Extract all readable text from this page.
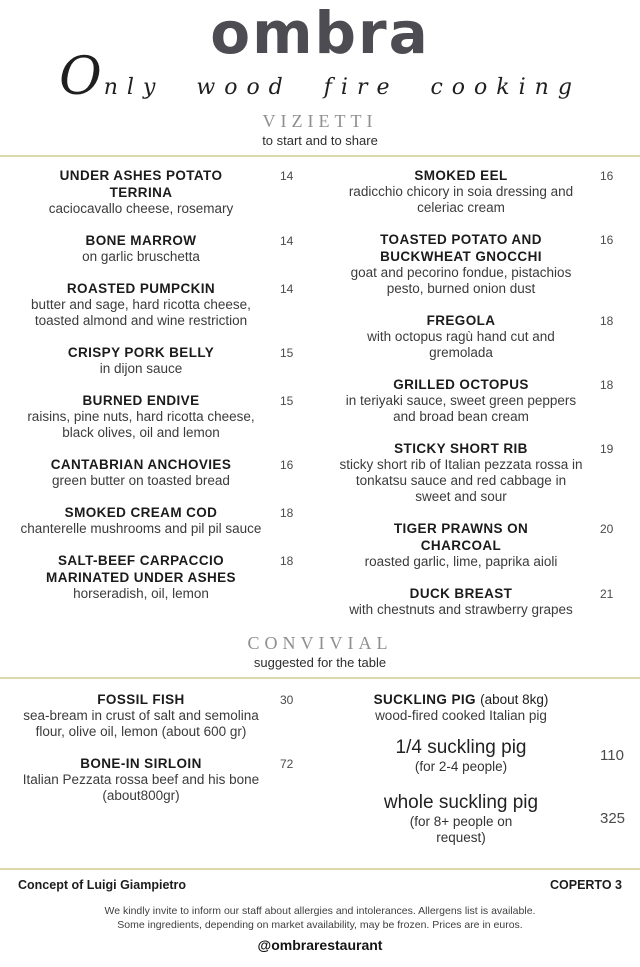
ombra
Only wood fire cooking
VIZIETTI
to start and to share
UNDER ASHES POTATO TERRINA
caciocavallo cheese, rosemary
14
BONE MARROW
on garlic bruschetta
14
ROASTED PUMPCKIN
butter and sage, hard ricotta cheese, toasted almond and wine restriction
14
CRISPY PORK BELLY
in dijon sauce
15
BURNED ENDIVE
raisins, pine nuts, hard ricotta cheese, black olives, oil and lemon
15
CANTABRIAN ANCHOVIES
green butter on toasted bread
16
SMOKED CREAM COD
chanterelle mushrooms and pil pil sauce
18
SALT-BEEF CARPACCIO MARINATED UNDER ASHES
horseradish, oil, lemon
18
SMOKED EEL
radicchio chicory in soia dressing and celeriac cream
16
TOASTED POTATO AND BUCKWHEAT GNOCCHI
goat and pecorino fondue, pistachios pesto, burned onion dust
16
FREGOLA
with octopus ragù hand cut and gremolada
18
GRILLED OCTOPUS
in teriyaki sauce, sweet green peppers and broad bean cream
18
STICKY SHORT RIB
sticky short rib of Italian pezzata rossa in tonkatsu sauce and red cabbage in sweet and sour
19
TIGER PRAWNS ON CHARCOAL
roasted garlic, lime, paprika aioli
20
DUCK BREAST
with chestnuts and strawberry grapes
21
CONVIVIAL
suggested for the table
FOSSIL FISH
sea-bream in crust of salt and semolina flour, olive oil, lemon (about 600 gr)
30
BONE-IN SIRLOIN
Italian Pezzata rossa beef and his bone (about800gr)
72
SUCKLING PIG (about 8kg)
wood-fired cooked Italian pig
1/4 suckling pig
(for 2-4 people)
110
whole suckling pig
(for 8+ people on request)
325
Concept of Luigi Giampietro	COPERTO 3
We kindly invite to inform our staff about allergies and intolerances. Allergens list is available.
Some ingredients, depending on market availability, may be frozen. Prices are in euros.
@ombrarestaurant
